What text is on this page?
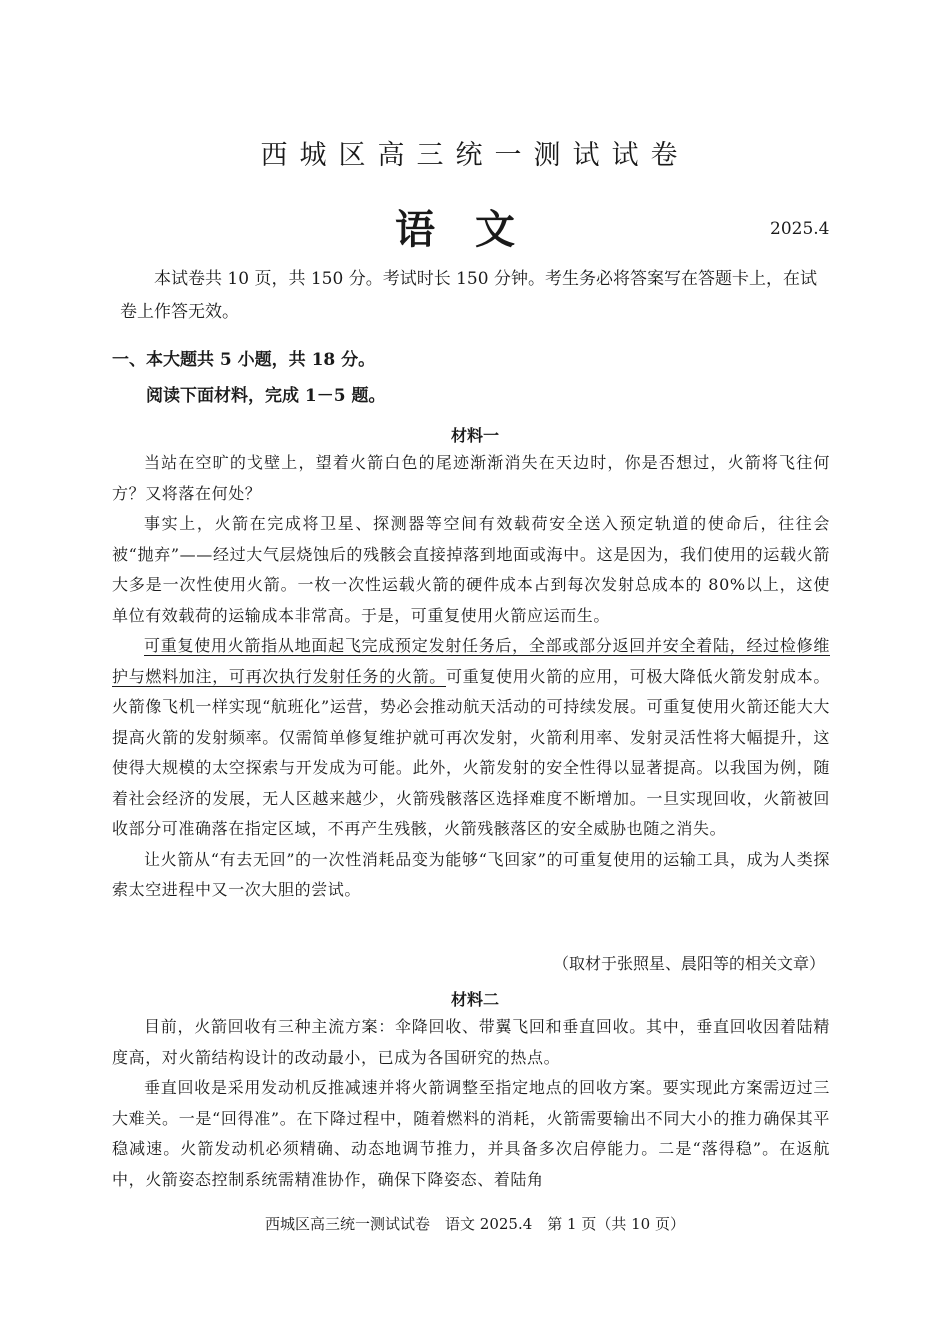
西城区高三统一测试试卷
语文	2025.4
本试卷共 10 页，共 150 分。考试时长 150 分钟。考生务必将答案写在答题卡上，在试卷上作答无效。
一、本大题共 5 小题，共 18 分。
阅读下面材料，完成 1－5 题。
材料一

当站在空旷的戈壁上，望着火箭白色的尾迹渐渐消失在天边时，你是否想过，火箭将飞往何方？又将落在何处？

事实上，火箭在完成将卫星、探测器等空间有效载荷安全送入预定轨道的使命后，往往会被“抛弃”——经过大气层烧蚀后的残骸会直接掉落到地面或海中。这是因为，我们使用的运载火箭大多是一次性使用火箭。一枚一次性运载火箭的硬件成本占到每次发射总成本的 80%以上，这使单位有效载荷的运输成本非常高。于是，可重复使用火箭应运而生。

可重复使用火箭指从地面起飞完成预定发射任务后，全部或部分返回并安全着陆，经过检修维护与燃料加注，可再次执行发射任务的火箭。可重复使用火箭的应用，可极大降低火箭发射成本。火箭像飞机一样实现“航班化”运营，势必会推动航天活动的可持续发展。可重复使用火箭还能大大提高火箭的发射频率。仅需简单修复维护就可再次发射，火箭利用率、发射灵活性将大幅提升，这使得大规模的太空探索与开发成为可能。此外，火箭发射的安全性得以显著提高。以我国为例，随着社会经济的发展，无人区越来越少，火箭残骸落区选择难度不断增加。一旦实现回收，火箭被回收部分可准确落在指定区域，不再产生残骸，火箭残骸落区的安全威胁也随之消失。

让火箭从“有去无回”的一次性消耗品变为能够“飞回家”的可重复使用的运输工具，成为人类探索太空进程中又一次大胆的尝试。

（取材于张照星、晨阳等的相关文章）
材料二

目前，火箭回收有三种主流方案：伞降回收、带翼飞回和垂直回收。其中，垂直回收因着陆精度高，对火箭结构设计的改动最小，已成为各国研究的热点。

垂直回收是采用发动机反推减速并将火箭调整至指定地点的回收方案。要实现此方案需迈过三大难关。一是“回得准”。在下降过程中，随着燃料的消耗，火箭需要输出不同大小的推力确保其平稳减速。火箭发动机必须精确、动态地调节推力，并具备多次启停能力。二是“落得稳”。在返航中，火箭姿态控制系统需精准协作，确保下降姿态、着陆角

西城区高三统一测试试卷　语文 2025.4　第 1 页（共 10 页）
